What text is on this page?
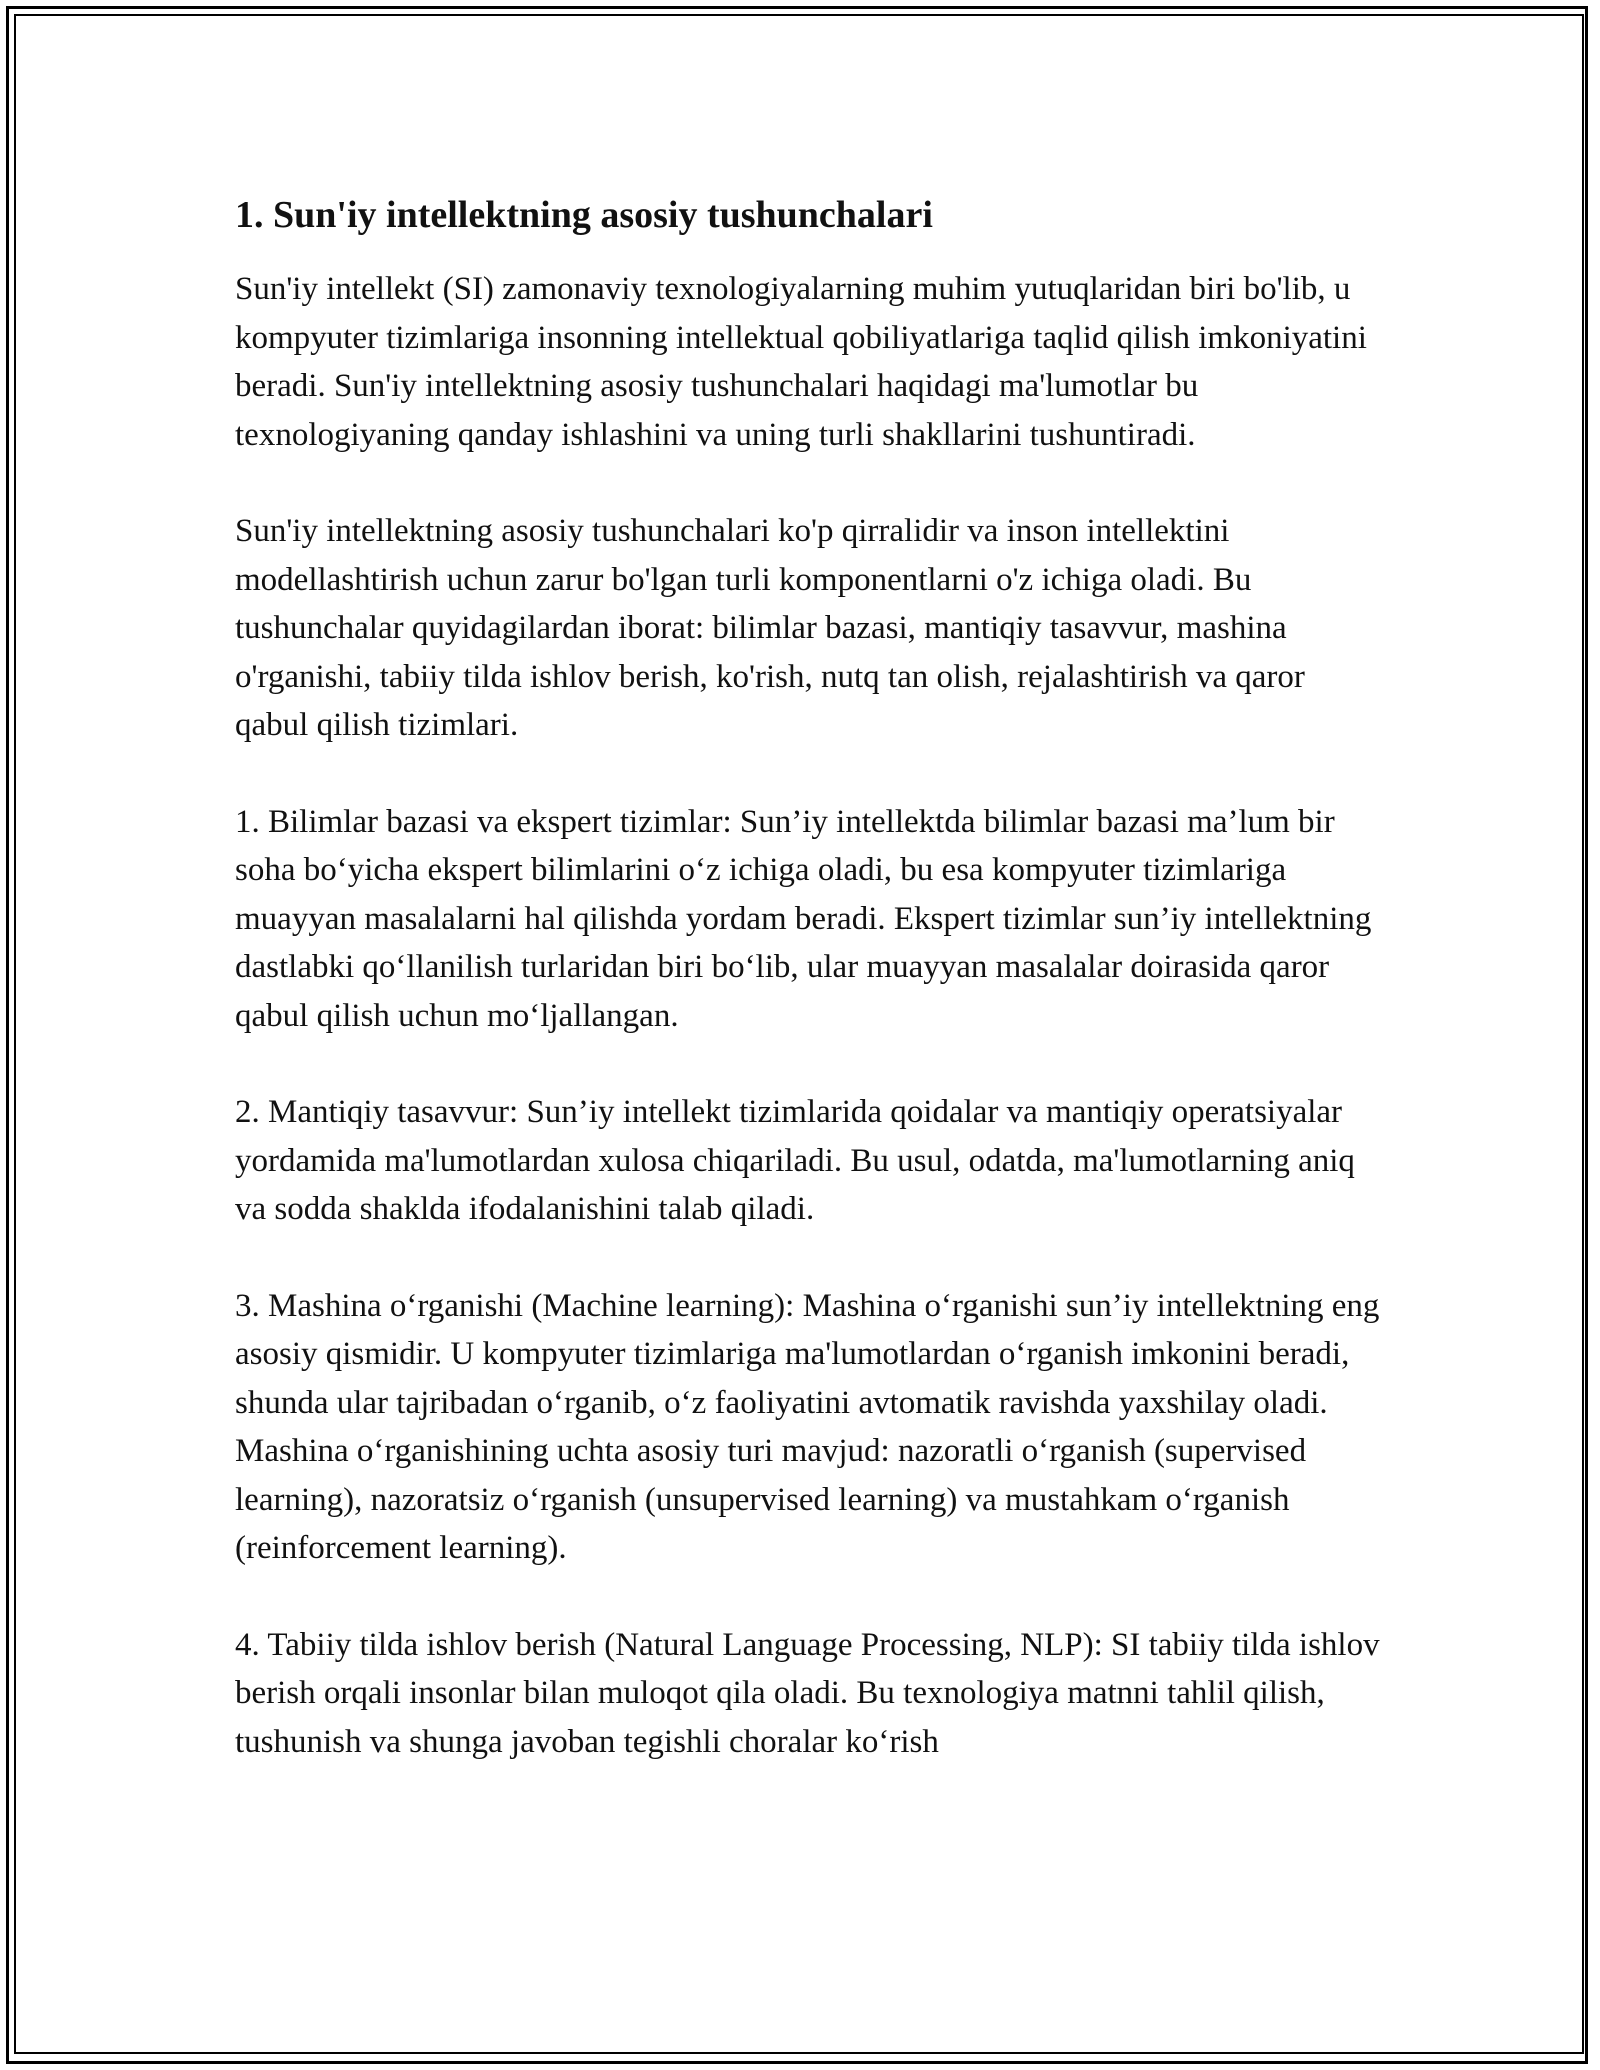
1. Sun'iy intellektning asosiy tushunchalari

Sun'iy intellekt (SI) zamonaviy texnologiyalarning muhim yutuqlaridan biri bo'lib, u kompyuter tizimlariga insonning intellektual qobiliyatlariga taqlid qilish imkoniyatini beradi. Sun'iy intellektning asosiy tushunchalari haqidagi ma'lumotlar bu texnologiyaning qanday ishlashini va uning turli shakllarini tushuntiradi.

Sun'iy intellektning asosiy tushunchalari ko'p qirralidir va inson intellektini modellashtirish uchun zarur bo'lgan turli komponentlarni o'z ichiga oladi. Bu tushunchalar quyidagilardan iborat: bilimlar bazasi, mantiqiy tasavvur, mashina o'rganishi, tabiiy tilda ishlov berish, ko'rish, nutq tan olish, rejalashtirish va qaror qabul qilish tizimlari.

1. Bilimlar bazasi va ekspert tizimlar: Sun’iy intellektda bilimlar bazasi ma’lum bir soha bo‘yicha ekspert bilimlarini o‘z ichiga oladi, bu esa kompyuter tizimlariga muayyan masalalarni hal qilishda yordam beradi. Ekspert tizimlar sun’iy intellektning dastlabki qo‘llanilish turlaridan biri bo‘lib, ular muayyan masalalar doirasida qaror qabul qilish uchun mo‘ljallangan.

2. Mantiqiy tasavvur: Sun’iy intellekt tizimlarida qoidalar va mantiqiy operatsiyalar yordamida ma'lumotlardan xulosa chiqariladi. Bu usul, odatda, ma'lumotlarning aniq va sodda shaklda ifodalanishini talab qiladi.

3. Mashina o‘rganishi (Machine learning): Mashina o‘rganishi sun’iy intellektning eng asosiy qismidir. U kompyuter tizimlariga ma'lumotlardan o‘rganish imkonini beradi, shunda ular tajribadan o‘rganib, o‘z faoliyatini avtomatik ravishda yaxshilay oladi. Mashina o‘rganishining uchta asosiy turi mavjud: nazoratli o‘rganish (supervised learning), nazoratsiz o‘rganish (unsupervised learning) va mustahkam o‘rganish (reinforcement learning).

4. Tabiiy tilda ishlov berish (Natural Language Processing, NLP): SI tabiiy tilda ishlov berish orqali insonlar bilan muloqot qila oladi. Bu texnologiya matnni tahlil qilish, tushunish va shunga javoban tegishli choralar ko‘rish
